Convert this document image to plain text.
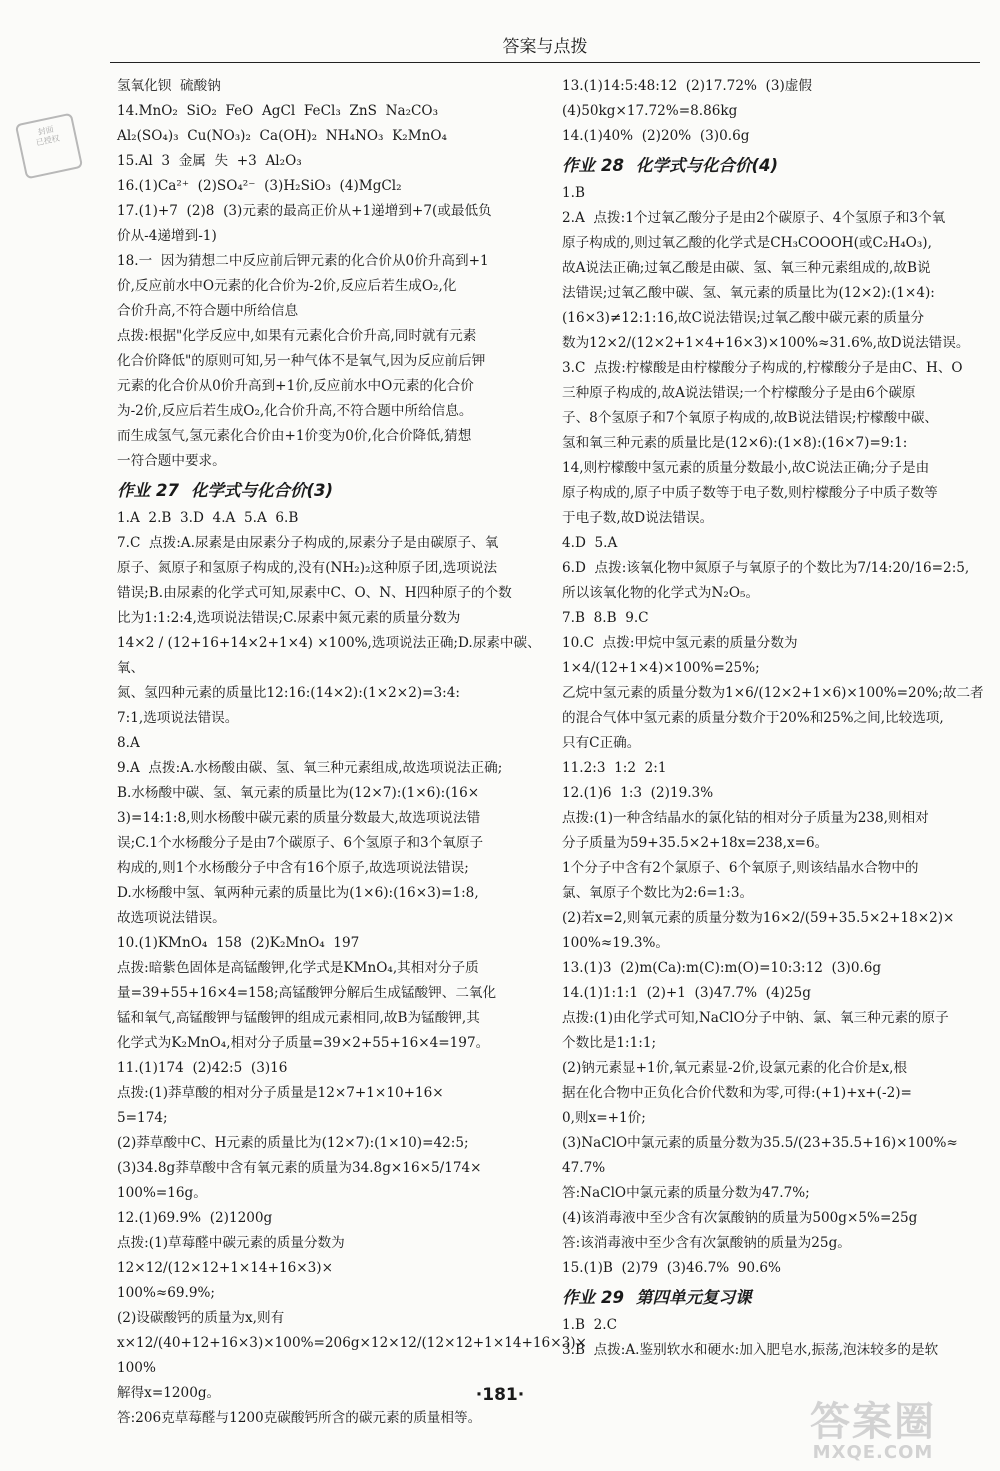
答案与点拨
封面
已授权
氢氧化钡  硫酸钠
14.MnO₂  SiO₂  FeO  AgCl  FeCl₃  ZnS  Na₂CO₃
Al₂(SO₄)₃  Cu(NO₃)₂  Ca(OH)₂  NH₄NO₃  K₂MnO₄
15.Al  3  金属  失  +3  Al₂O₃
16.(1)Ca²⁺  (2)SO₄²⁻  (3)H₂SiO₃  (4)MgCl₂
17.(1)+7  (2)8  (3)元素的最高正价从+1递增到+7(或最低负
价从-4递增到-1)
18.一  因为猜想二中反应前后钾元素的化合价从0价升高到+1
价,反应前水中O元素的化合价为-2价,反应后若生成O₂,化
合价升高,不符合题中所给信息
点拨:根据"化学反应中,如果有元素化合价升高,同时就有元素
化合价降低"的原则可知,另一种气体不是氧气,因为反应前后钾
元素的化合价从0价升高到+1价,反应前水中O元素的化合价
为-2价,反应后若生成O₂,化合价升高,不符合题中所给信息。
而生成氢气,氢元素化合价由+1价变为0价,化合价降低,猜想
一符合题中要求。
作业 27 化学式与化合价(3)
1.A  2.B  3.D  4.A  5.A  6.B
7.C  点拨:A.尿素是由尿素分子构成的,尿素分子是由碳原子、氧
原子、氮原子和氢原子构成的,没有(NH₂)₂这种原子团,选项说法
错误;B.由尿素的化学式可知,尿素中C、O、N、H四种原子的个数
比为1:1:2:4,选项说法错误;C.尿素中氮元素的质量分数为
14×2 / (12+16+14×2+1×4) ×100%,选项说法正确;D.尿素中碳、氧、
氮、氢四种元素的质量比12:16:(14×2):(1×2×2)=3:4:
7:1,选项说法错误。
8.A
9.A  点拨:A.水杨酸由碳、氢、氧三种元素组成,故选项说法正确;
B.水杨酸中碳、氢、氧元素的质量比为(12×7):(1×6):(16×
3)=14:1:8,则水杨酸中碳元素的质量分数最大,故选项说法错
误;C.1个水杨酸分子是由7个碳原子、6个氢原子和3个氧原子
构成的,则1个水杨酸分子中含有16个原子,故选项说法错误;
D.水杨酸中氢、氧两种元素的质量比为(1×6):(16×3)=1:8,
故选项说法错误。
10.(1)KMnO₄  158  (2)K₂MnO₄  197
点拨:暗紫色固体是高锰酸钾,化学式是KMnO₄,其相对分子质
量=39+55+16×4=158;高锰酸钾分解后生成锰酸钾、二氧化
锰和氧气,高锰酸钾与锰酸钾的组成元素相同,故B为锰酸钾,其
化学式为K₂MnO₄,相对分子质量=39×2+55+16×4=197。
11.(1)174  (2)42:5  (3)16
点拨:(1)莽草酸的相对分子质量是12×7+1×10+16×
5=174;
(2)莽草酸中C、H元素的质量比为(12×7):(1×10)=42:5;
(3)34.8g莽草酸中含有氧元素的质量为34.8g×16×5/174×
100%=16g。
12.(1)69.9%  (2)1200g
点拨:(1)草莓醛中碳元素的质量分数为12×12/(12×12+1×14+16×3)×
100%≈69.9%;
(2)设碳酸钙的质量为x,则有
x×12/(40+12+16×3)×100%=206g×12×12/(12×12+1×14+16×3)×
100%
解得x=1200g。
答:206克草莓醛与1200克碳酸钙所含的碳元素的质量相等。
13.(1)14:5:48:12  (2)17.72%  (3)虚假
(4)50kg×17.72%=8.86kg
14.(1)40%  (2)20%  (3)0.6g
作业 28 化学式与化合价(4)
1.B
2.A  点拨:1个过氧乙酸分子是由2个碳原子、4个氢原子和3个氧
原子构成的,则过氧乙酸的化学式是CH₃COOOH(或C₂H₄O₃),
故A说法正确;过氧乙酸是由碳、氢、氧三种元素组成的,故B说
法错误;过氧乙酸中碳、氢、氧元素的质量比为(12×2):(1×4):
(16×3)≠12:1:16,故C说法错误;过氧乙酸中碳元素的质量分
数为12×2/(12×2+1×4+16×3)×100%≈31.6%,故D说法错误。
3.C  点拨:柠檬酸是由柠檬酸分子构成的,柠檬酸分子是由C、H、O
三种原子构成的,故A说法错误;一个柠檬酸分子是由6个碳原
子、8个氢原子和7个氧原子构成的,故B说法错误;柠檬酸中碳、
氢和氧三种元素的质量比是(12×6):(1×8):(16×7)=9:1:
14,则柠檬酸中氢元素的质量分数最小,故C说法正确;分子是由
原子构成的,原子中质子数等于电子数,则柠檬酸分子中质子数等
于电子数,故D说法错误。
4.D  5.A
6.D  点拨:该氧化物中氮原子与氧原子的个数比为7/14:20/16=2:5,
所以该氧化物的化学式为N₂O₅。
7.B  8.B  9.C
10.C  点拨:甲烷中氢元素的质量分数为1×4/(12+1×4)×100%=25%;
乙烷中氢元素的质量分数为1×6/(12×2+1×6)×100%=20%;故二者
的混合气体中氢元素的质量分数介于20%和25%之间,比较选项,
只有C正确。
11.2:3  1:2  2:1
12.(1)6  1:3  (2)19.3%
点拨:(1)一种含结晶水的氯化钴的相对分子质量为238,则相对
分子质量为59+35.5×2+18x=238,x=6。
1个分子中含有2个氯原子、6个氧原子,则该结晶水合物中的
氯、氧原子个数比为2:6=1:3。
(2)若x=2,则氧元素的质量分数为16×2/(59+35.5×2+18×2)×
100%≈19.3%。
13.(1)3  (2)m(Ca):m(C):m(O)=10:3:12  (3)0.6g
14.(1)1:1:1  (2)+1  (3)47.7%  (4)25g
点拨:(1)由化学式可知,NaClO分子中钠、氯、氧三种元素的原子
个数比是1:1:1;
(2)钠元素显+1价,氧元素显-2价,设氯元素的化合价是x,根
据在化合物中正负化合价代数和为零,可得:(+1)+x+(-2)=
0,则x=+1价;
(3)NaClO中氯元素的质量分数为35.5/(23+35.5+16)×100%≈
47.7%
答:NaClO中氯元素的质量分数为47.7%;
(4)该消毒液中至少含有次氯酸钠的质量为500g×5%=25g
答:该消毒液中至少含有次氯酸钠的质量为25g。
15.(1)B  (2)79  (3)46.7%  90.6%
作业 29 第四单元复习课
1.B  2.C
3.B  点拨:A.鉴别软水和硬水:加入肥皂水,振荡,泡沫较多的是软
·181·
答案圈
MXQE.COM
